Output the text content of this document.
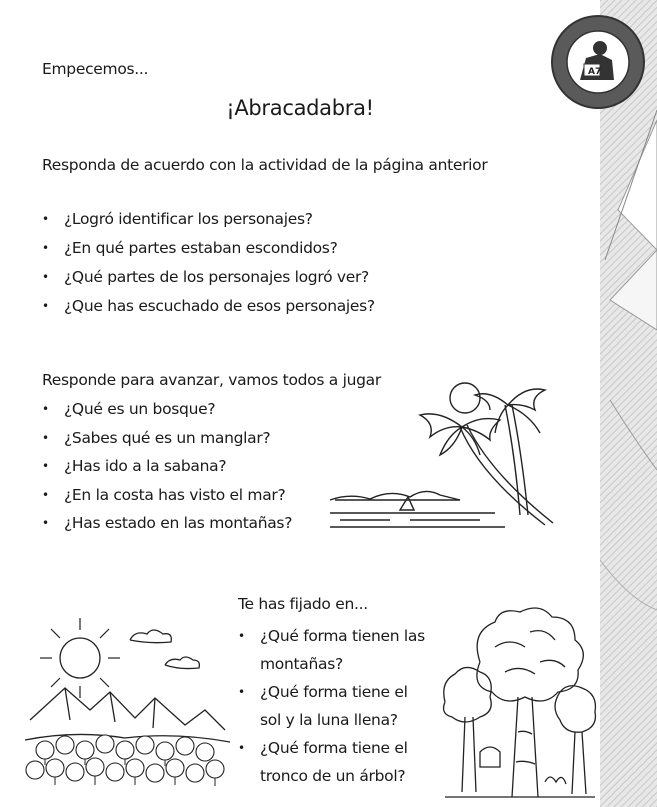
A7
Empecemos...
¡Abracadabra!
Responda de acuerdo con la actividad de la página anterior
• ¿Logró identificar los personajes?
• ¿En qué partes estaban escondidos?
• ¿Qué partes de los personajes logró ver?
• ¿Que has escuchado de esos personajes?
Responde para avanzar, vamos todos a jugar
• ¿Qué es un bosque?
• ¿Sabes qué es un manglar?
• ¿Has ido a la sabana?
• ¿En la costa has visto el mar?
• ¿Has estado en las montañas?
Te has fijado en...
• ¿Qué forma tienen las
montañas?
• ¿Qué forma tiene el
sol y la luna llena?
• ¿Qué forma tiene el
tronco de un árbol?
